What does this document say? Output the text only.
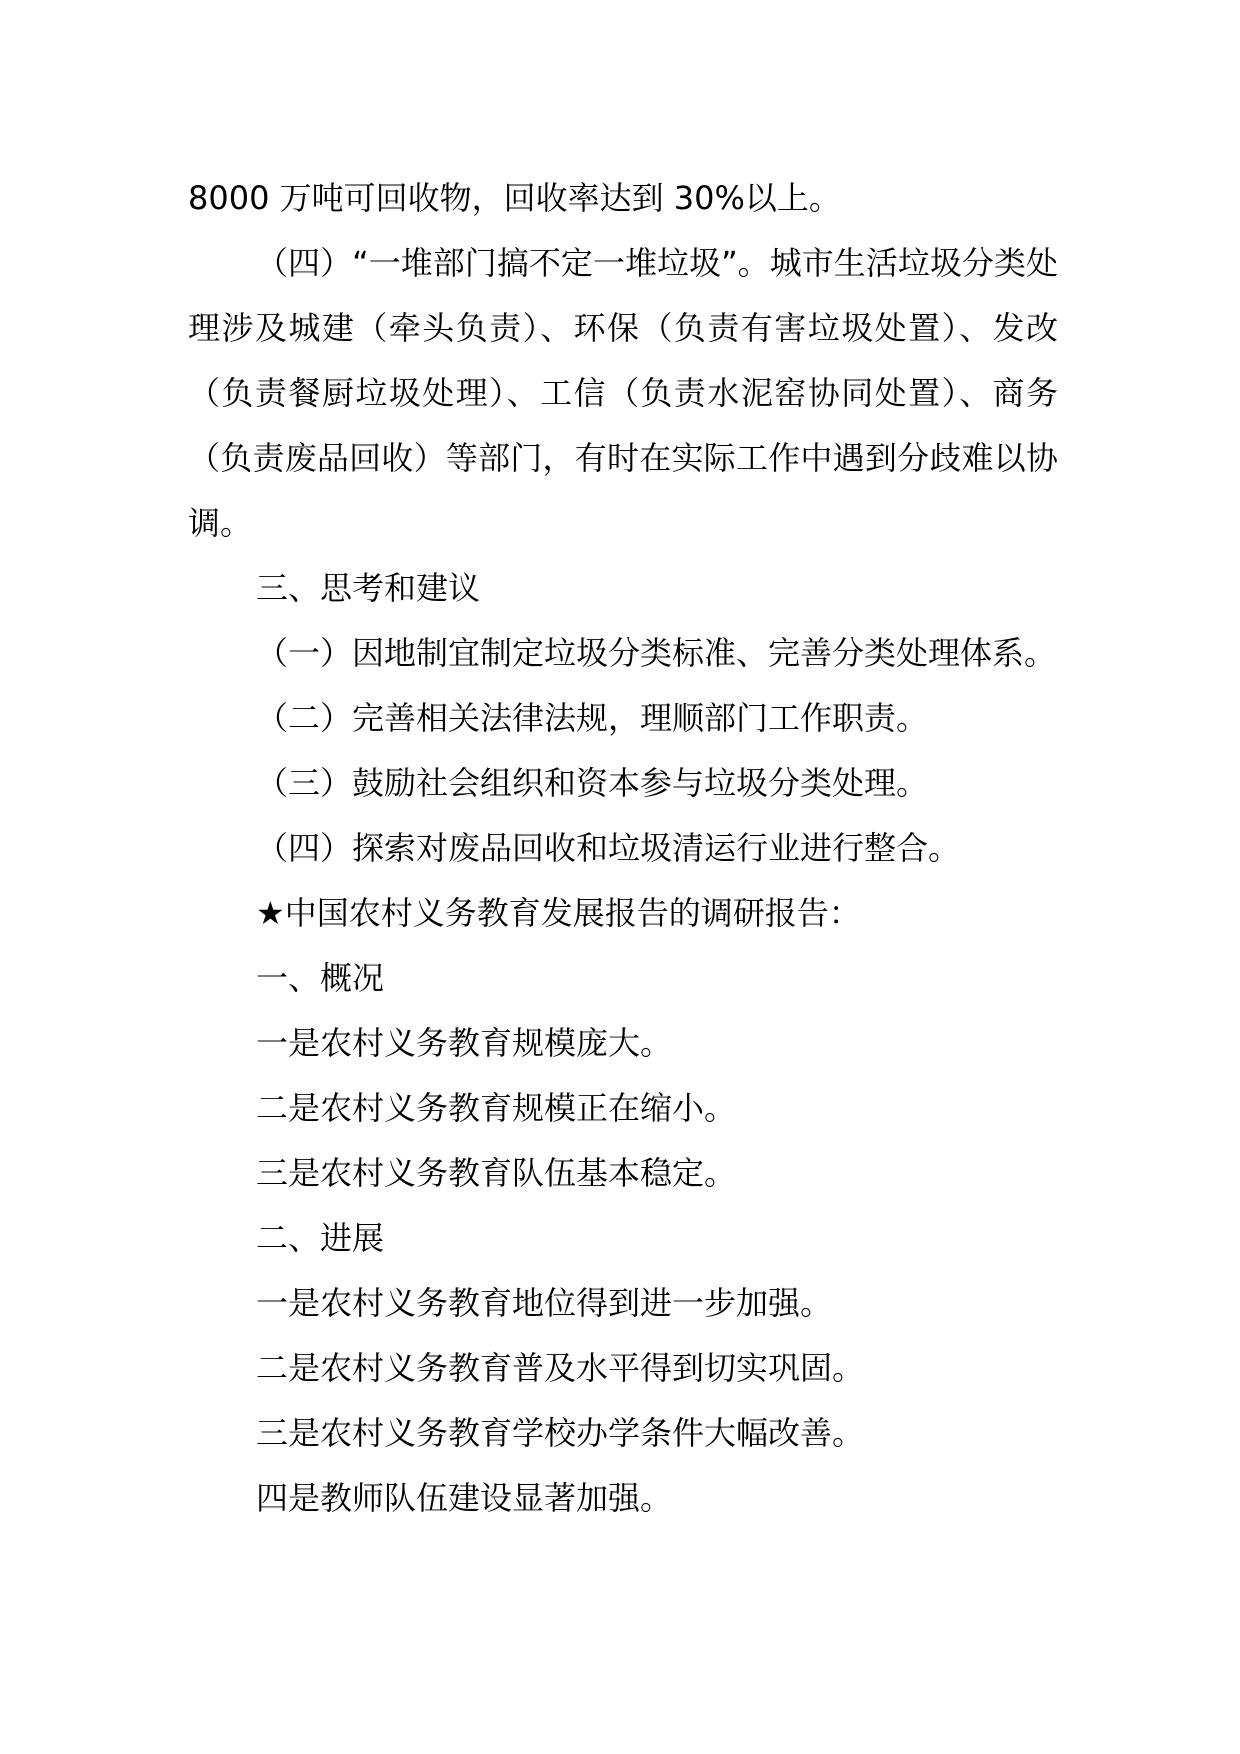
8000 万吨可回收物，回收率达到 30%以上。

（四）“一堆部门搞不定一堆垃圾”。城市生活垃圾分类处理涉及城建（牵头负责）、环保（负责有害垃圾处置）、发改（负责餐厨垃圾处理）、工信（负责水泥窑协同处置）、商务（负责废品回收）等部门，有时在实际工作中遇到分歧难以协调。

三、思考和建议

（一）因地制宜制定垃圾分类标准、完善分类处理体系。

（二）完善相关法律法规，理顺部门工作职责。

（三）鼓励社会组织和资本参与垃圾分类处理。

（四）探索对废品回收和垃圾清运行业进行整合。

★中国农村义务教育发展报告的调研报告：

一、概况

一是农村义务教育规模庞大。

二是农村义务教育规模正在缩小。

三是农村义务教育队伍基本稳定。

二、进展

一是农村义务教育地位得到进一步加强。

二是农村义务教育普及水平得到切实巩固。

三是农村义务教育学校办学条件大幅改善。

四是教师队伍建设显著加强。
